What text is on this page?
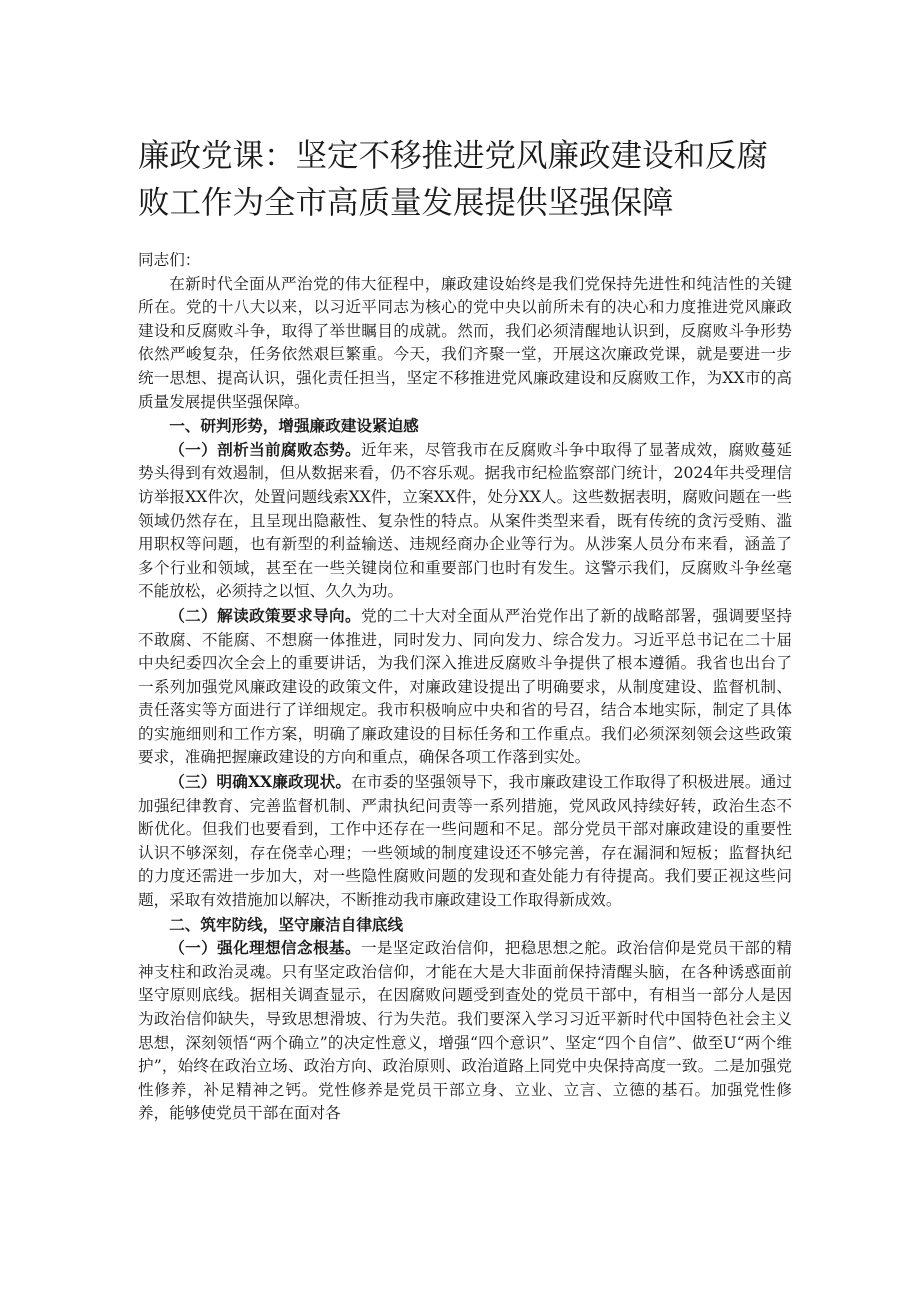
廉政党课：坚定不移推进党风廉政建设和反腐败工作为全市高质量发展提供坚强保障

同志们：

在新时代全面从严治党的伟大征程中，廉政建设始终是我们党保持先进性和纯洁性的关键所在。党的十八大以来，以习近平同志为核心的党中央以前所未有的决心和力度推进党风廉政建设和反腐败斗争，取得了举世瞩目的成就。然而，我们必须清醒地认识到，反腐败斗争形势依然严峻复杂，任务依然艰巨繁重。今天，我们齐聚一堂，开展这次廉政党课，就是要进一步统一思想、提高认识，强化责任担当，坚定不移推进党风廉政建设和反腐败工作，为XX市的高质量发展提供坚强保障。

一、研判形势，增强廉政建设紧迫感

（一）剖析当前腐败态势。近年来，尽管我市在反腐败斗争中取得了显著成效，腐败蔓延势头得到有效遏制，但从数据来看，仍不容乐观。据我市纪检监察部门统计，2024年共受理信访举报XX件次，处置问题线索XX件，立案XX件，处分XX人。这些数据表明，腐败问题在一些领域仍然存在，且呈现出隐蔽性、复杂性的特点。从案件类型来看，既有传统的贪污受贿、滥用职权等问题，也有新型的利益输送、违规经商办企业等行为。从涉案人员分布来看，涵盖了多个行业和领域，甚至在一些关键岗位和重要部门也时有发生。这警示我们，反腐败斗争丝毫不能放松，必须持之以恒、久久为功。

（二）解读政策要求导向。党的二十大对全面从严治党作出了新的战略部署，强调要坚持不敢腐、不能腐、不想腐一体推进，同时发力、同向发力、综合发力。习近平总书记在二十届中央纪委四次全会上的重要讲话，为我们深入推进反腐败斗争提供了根本遵循。我省也出台了一系列加强党风廉政建设的政策文件，对廉政建设提出了明确要求，从制度建设、监督机制、责任落实等方面进行了详细规定。我市积极响应中央和省的号召，结合本地实际，制定了具体的实施细则和工作方案，明确了廉政建设的目标任务和工作重点。我们必须深刻领会这些政策要求，准确把握廉政建设的方向和重点，确保各项工作落到实处。

（三）明确XX廉政现状。在市委的坚强领导下，我市廉政建设工作取得了积极进展。通过加强纪律教育、完善监督机制、严肃执纪问责等一系列措施，党风政风持续好转，政治生态不断优化。但我们也要看到，工作中还存在一些问题和不足。部分党员干部对廉政建设的重要性认识不够深刻，存在侥幸心理；一些领域的制度建设还不够完善，存在漏洞和短板；监督执纪的力度还需进一步加大，对一些隐性腐败问题的发现和查处能力有待提高。我们要正视这些问题，采取有效措施加以解决，不断推动我市廉政建设工作取得新成效。

二、筑牢防线，坚守廉洁自律底线

（一）强化理想信念根基。一是坚定政治信仰，把稳思想之舵。政治信仰是党员干部的精神支柱和政治灵魂。只有坚定政治信仰，才能在大是大非面前保持清醒头脑，在各种诱惑面前坚守原则底线。据相关调查显示，在因腐败问题受到查处的党员干部中，有相当一部分人是因为政治信仰缺失，导致思想滑坡、行为失范。我们要深入学习习近平新时代中国特色社会主义思想，深刻领悟“两个确立”的决定性意义，增强“四个意识”、坚定“四个自信”、做至U“两个维护”，始终在政治立场、政治方向、政治原则、政治道路上同党中央保持高度一致。二是加强党性修养，补足精神之钙。党性修养是党员干部立身、立业、立言、立德的基石。加强党性修养，能够使党员干部在面对各
